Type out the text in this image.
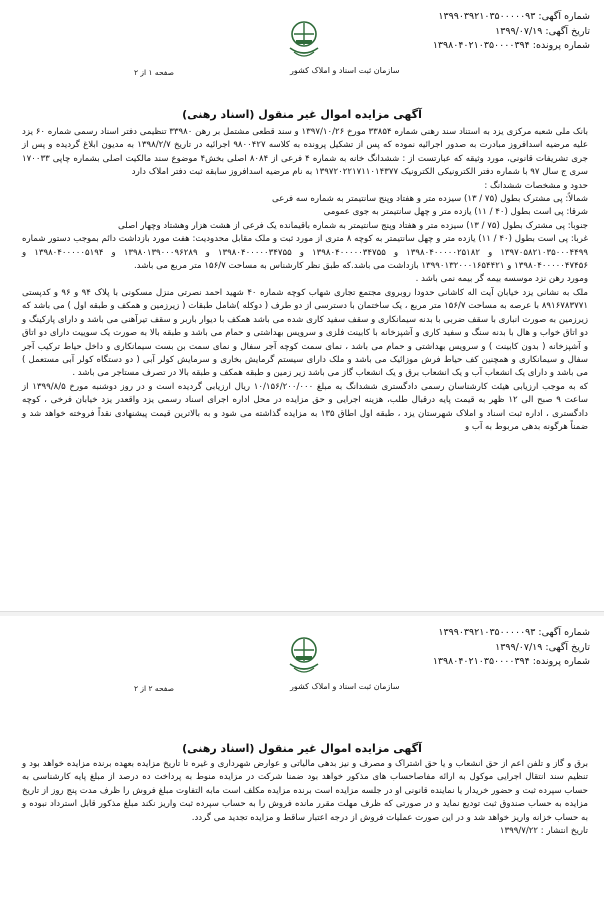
شماره آگهی: ۱۳۹۹۰۳۹۲۱۰۳۵۰۰۰۰۰۹۳
تاریخ آگهی: ۱۳۹۹/۰۷/۱۹
شماره پرونده: ۱۳۹۸۰۴۰۲۱۰۳۵۰۰۰۰۳۹۴
سازمان ثبت اسناد و املاک کشور
صفحه ۱ از ۲
آگهی مزایده اموال غیر منقول (اسناد رهنی)

بانک ملی شعبه مرکزی یزد به استناد سند رهنی شماره ۳۳۸۵۴ مورخ ۱۳۹۷/۱۰/۲۶ و سند قطعی مشتمل بر رهن ۳۳۹۸۰ تنظیمی دفتر اسناد رسمی شماره ۶۰ یزد علیه مرضیه اسدافروز مبادرت به صدور اجرائیه نموده که پس از تشکیل پرونده به کلاسه ۹۸۰۰۴۲۷ اجرائیه در تاریخ ۱۳۹۸/۲/۷ به مدیون ابلاغ گردیده و پس از جری تشریفات قانونی، مورد وثیقه که عبارتست از : ششدانگ خانه به شماره ۴ فرعی از ۸۰۸۴ اصلی بخش۴ موضوع سند مالکیت اصلی بشماره چاپی ۱۷۰۰۳۳ سری ج سال ۹۷ با شماره دفتر الکترونیکی الکترونیک ۱۳۹۷۲۰۲۲۱۷۱۱۰۱۴۳۷۷ به نام مرضیه اسدافروز سابقه ثبت دفتر املاک دارد

حدود و مشخصات ششدانگ :

شمالاً: پی مشترک بطول (۷۵ / ۱۳) سیزده متر و هفتاد وپنج سانتیمتر به شماره سه فرعی

شرقا: پی است بطول (۴۰ / ۱۱) یازده متر و چهل سانتیمتر به جوی عمومی

جنوبا: پی مشترک بطول (۷۵ / ۱۳) سیزده متر و هفتاد وپنج سانتیمتر به شماره باقیمانده یک فرعی از هشت هزار وهشتاد وچهار اصلی

غربا: پی است بطول (۴۰ / ۱۱) یازده متر و چهل سانتیمتر به کوچه ۸ متری از مورد ثبت و ملک مقابل محدودیت: هفت مورد بازداشت دائم بموجب دستور شماره ۱۳۹۷۰۵۸۲۱۰۳۵۰۰۰۴۴۹۹ و ۱۳۹۸۰۴۰۰۰۰۰۲۵۱۸۲ و ۱۳۹۸۰۴۰۰۰۰۰۳۴۷۵۵ و ۱۳۹۸۰۴۰۰۰۰۰۳۴۷۵۵ و ۱۳۹۸۰۱۳۹۰۰۰۹۶۲۸۹ و ۱۳۹۸۰۴۰۰۰۰۰۵۱۹۴ و ۱۳۹۸۰۴۰۰۰۰۰۴۷۴۵۶ و ۱۳۹۹۰۱۳۲۰۰۰۱۶۵۴۴۲۱ بازداشت می باشد.که طبق نظر کارشناس به مساحت ۱۵۶/۷ متر مربع می باشد.

ومورد رهن نزد موسسه بیمه گر بیمه نمی باشد .

ملک به نشانی یزد خیابان آیت اله کاشانی حدودا روبروی مجتمع تجاری شهاب کوچه شماره ۴۰ شهید احمد نصرتی منزل مسکونی با پلاک ۹۴ و ۹۶ و کدپستی ۸۹۱۶۷۸۳۷۷۱ با عرصه به مساحت ۱۵۶/۷ متر مربع ، یک ساختمان با دسترسی از دو طرف ( دوکله )شامل طبقات ( زیرزمین و همکف و طبقه اول ) می باشد که زیرزمین به صورت انباری با سقف ضربی با بدنه سیمانکاری و سقف سفید کاری شده می باشد همکف با دیوار باربر و سقف تیرآهنی می باشد و دارای پارکینگ و دو اتاق خواب و هال با بدنه سنگ و سفید کاری و آشپزخانه با کابینت فلزی و سرویس بهداشتی و حمام می باشد و طبقه بالا به صورت یک سوییت دارای دو اتاق و آشپزخانه ( بدون کابینت ) و سرویس بهداشتی و حمام می باشد ، نمای سمت کوچه آجر سفال و نمای سمت بن بست سیمانکاری و داخل حیاط ترکیب آجر سفال و سیمانکاری و همچنین کف حیاط فرش موزائیک می باشد و ملک دارای سیستم گرمایش بخاری و سرمایش کولر آبی ( دو دستگاه کولر آبی مستعمل ) می باشد و دارای یک انشعاب آب و یک انشعاب برق و یک انشعاب گاز می باشد زیر زمین و طبقه همکف و طبقه بالا در تصرف مستاجر می باشد .

که به موجب ارزیابی هیئت کارشناسان رسمی دادگستری ششدانگ به مبلغ ۱۰/۱۵۶/۲۰۰/۰۰۰ ریال ارزیابی گردیده است و در روز دوشنبه مورخ ۱۳۹۹/۸/۵ از ساعت ۹ صبح الی ۱۲ ظهر به قیمت پایه درقبال طلب، هزینه اجرایی و حق مزایده در محل اداره اجرای اسناد رسمی یزد واقعدر یزد خیابان فرخی ، کوچه دادگستری ، اداره ثبت اسناد و املاک شهرستان یزد ، طبقه اول اطاق ۱۳۵ به مزایده گذاشته می شود و به بالاترین قیمت پیشنهادی نقداً فروخته خواهد شد و ضمناً هرگونه بدهی مربوط به آب و

شماره آگهی: ۱۳۹۹۰۳۹۲۱۰۳۵۰۰۰۰۰۹۳
تاریخ آگهی: ۱۳۹۹/۰۷/۱۹
شماره پرونده: ۱۳۹۸۰۴۰۲۱۰۳۵۰۰۰۰۳۹۴
سازمان ثبت اسناد و املاک کشور
صفحه ۲ از ۲
آگهی مزایده اموال غیر منقول (اسناد رهنی)

برق و گاز و تلفن اعم از حق انشعاب و یا حق اشتراک و مصرف و نیز بدهی مالیاتی و عوارض شهرداری و غیره تا تاریخ مزایده بعهده برنده مزایده خواهد بود و تنظیم سند انتقال اجرایی موکول به ارائه مفاصاحساب های مذکور خواهد بود ضمنا شرکت در مزایده منوط به پرداخت ده درصد از مبلغ پایه کارشناسی به حساب سپرده ثبت و حضور خریدار یا نماینده قانونی او در جلسه مزایده است برنده مزایده مکلف است مابه التفاوت مبلغ فروش را ظرف مدت پنج روز از تاریخ مزایده به حساب صندوق ثبت تودیع نماید و در صورتی که ظرف مهلت مقرر مانده فروش را به حساب سپرده ثبت واریز نکند مبلغ مذکور قابل استرداد نبوده و به حساب خزانه واریز خواهد شد و در این صورت عملیات فروش از درجه اعتبار ساقط و مزایده تجدید می گردد.

تاریخ انتشار : ۱۳۹۹/۷/۲۲
